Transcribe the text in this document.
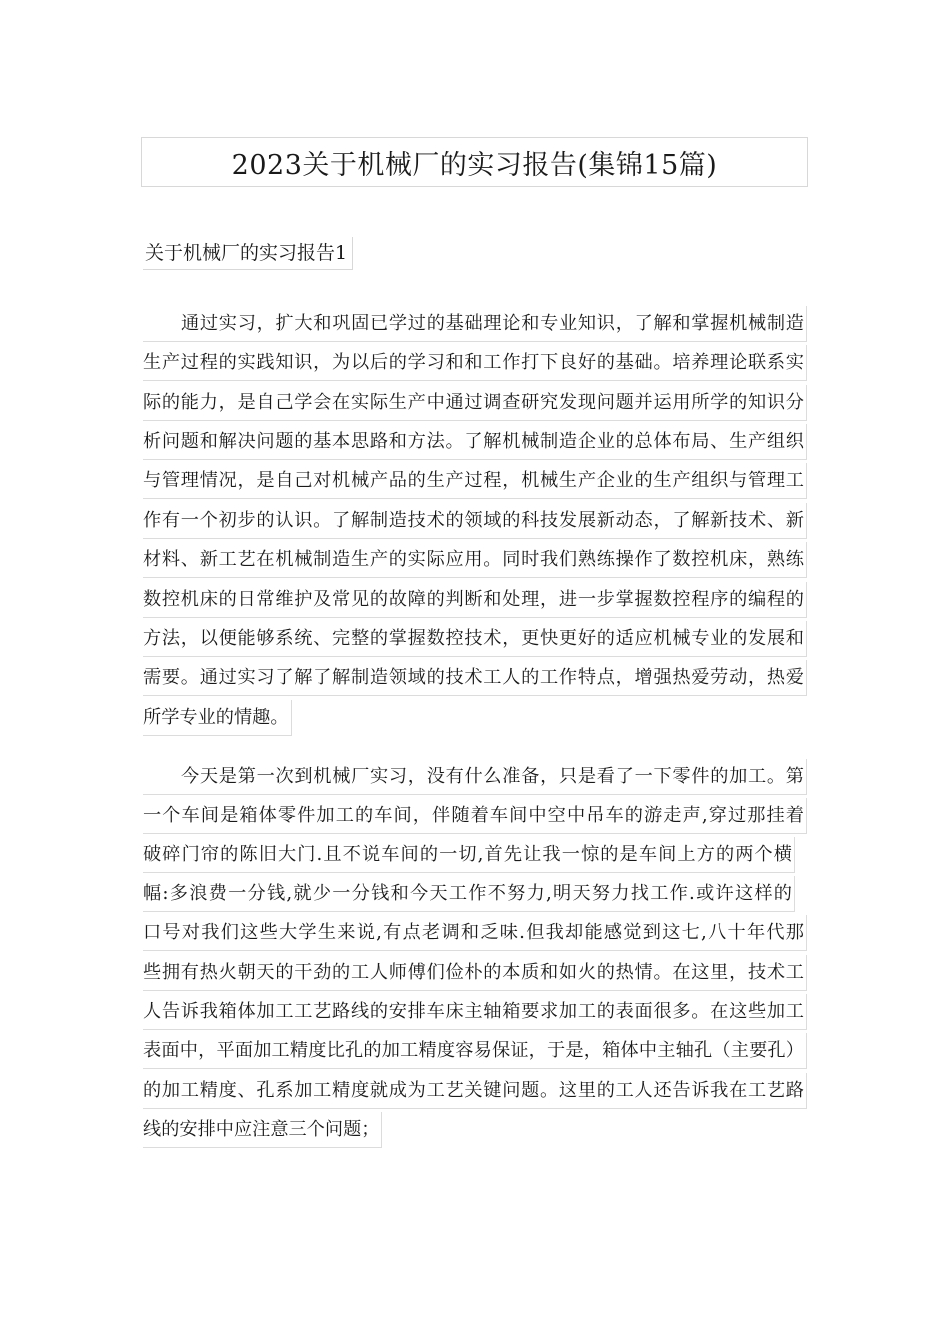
2023关于机械厂的实习报告(集锦15篇)
关于机械厂的实习报告1
通过实习，扩大和巩固已学过的基础理论和专业知识，了解和掌握机械制造
生产过程的实践知识，为以后的学习和和工作打下良好的基础。培养理论联系实
际的能力，是自己学会在实际生产中通过调查研究发现问题并运用所学的知识分
析问题和解决问题的基本思路和方法。了解机械制造企业的总体布局、生产组织
与管理情况，是自己对机械产品的生产过程，机械生产企业的生产组织与管理工
作有一个初步的认识。了解制造技术的领域的科技发展新动态，了解新技术、新
材料、新工艺在机械制造生产的实际应用。同时我们熟练操作了数控机床，熟练
数控机床的日常维护及常见的故障的判断和处理，进一步掌握数控程序的编程的
方法，以便能够系统、完整的掌握数控技术，更快更好的适应机械专业的发展和
需要。通过实习了解了解制造领域的技术工人的工作特点，增强热爱劳动，热爱
所学专业的情趣。
今天是第一次到机械厂实习，没有什么准备，只是看了一下零件的加工。第
一个车间是箱体零件加工的车间，伴随着车间中空中吊车的游走声,穿过那挂着
破碎门帘的陈旧大门.且不说车间的一切,首先让我一惊的是车间上方的两个横
幅:多浪费一分钱,就少一分钱和今天工作不努力,明天努力找工作.或许这样的
口号对我们这些大学生来说,有点老调和乏味.但我却能感觉到这七,八十年代那
些拥有热火朝天的干劲的工人师傅们俭朴的本质和如火的热情。在这里，技术工
人告诉我箱体加工工艺路线的安排车床主轴箱要求加工的表面很多。在这些加工
表面中，平面加工精度比孔的加工精度容易保证，于是，箱体中主轴孔（主要孔）
的加工精度、孔系加工精度就成为工艺关键问题。这里的工人还告诉我在工艺路
线的安排中应注意三个问题；
